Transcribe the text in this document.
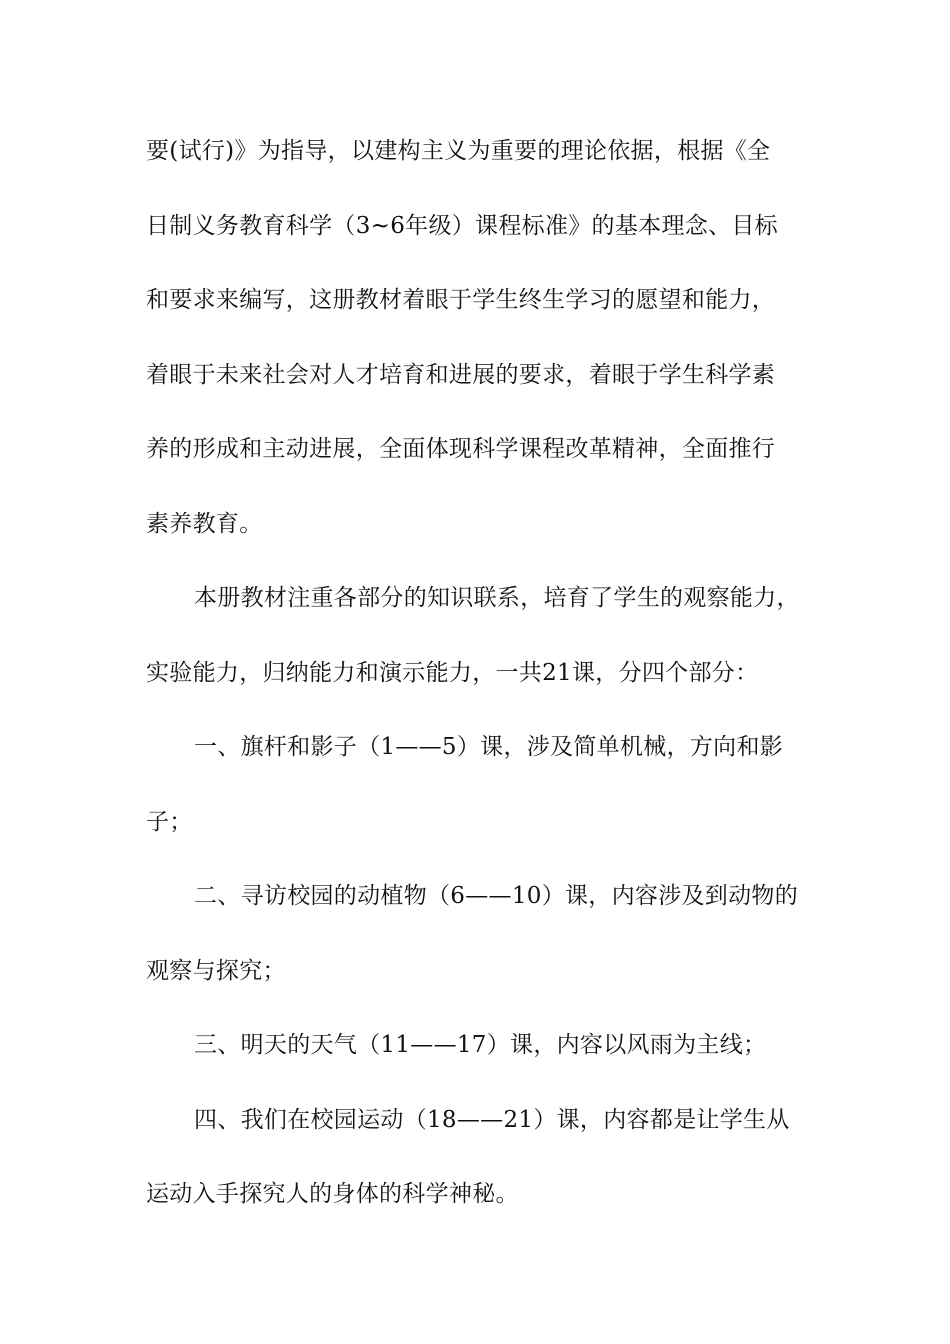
要(试行)》为指导，以建构主义为重要的理论依据，根据《全
日制义务教育科学（3~6年级）课程标准》的基本理念、目标
和要求来编写，这册教材着眼于学生终生学习的愿望和能力，
着眼于未来社会对人才培育和进展的要求，着眼于学生科学素
养的形成和主动进展，全面体现科学课程改革精神，全面推行
素养教育。
本册教材注重各部分的知识联系，培育了学生的观察能力，
实验能力，归纳能力和演示能力，一共21课，分四个部分：
一、旗杆和影子（1——5）课，涉及简单机械，方向和影
子；
二、寻访校园的动植物（6——10）课，内容涉及到动物的
观察与探究；
三、明天的天气（11——17）课，内容以风雨为主线；
四、我们在校园运动（18——21）课，内容都是让学生从
运动入手探究人的身体的科学神秘。
